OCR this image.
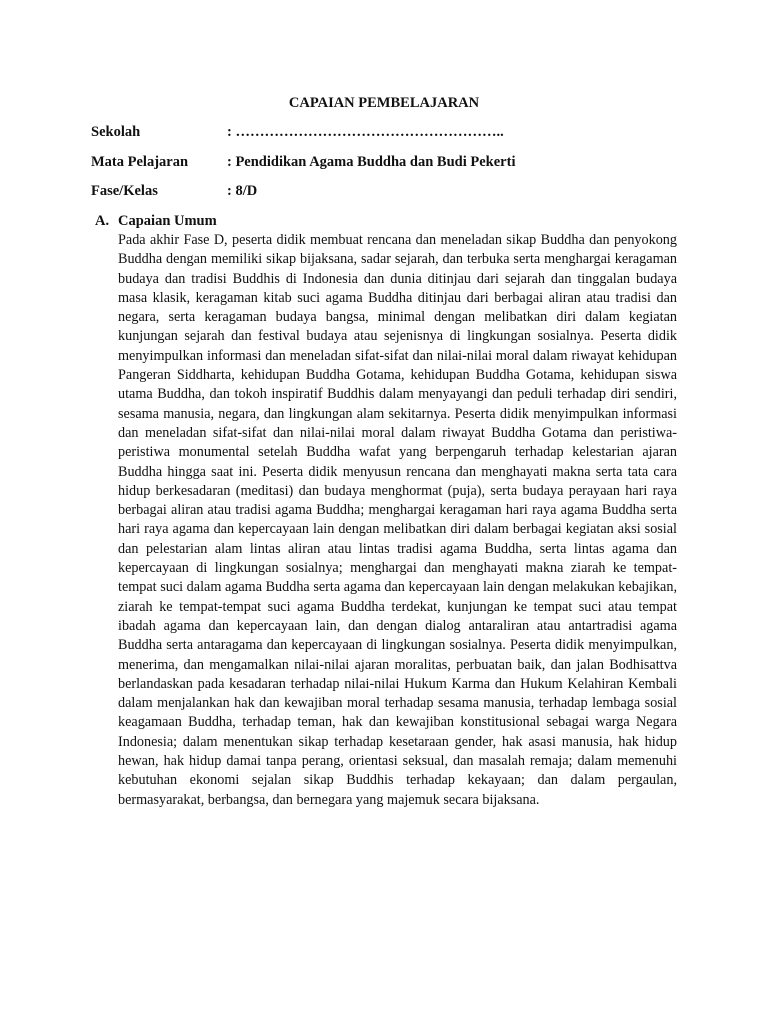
CAPAIAN PEMBELAJARAN
Sekolah	: ………………………………………………..
Mata Pelajaran	: Pendidikan Agama Buddha dan Budi Pekerti
Fase/Kelas	: 8/D
A. Capaian Umum

Pada akhir Fase D, peserta didik membuat rencana dan meneladan sikap Buddha dan penyokong Buddha dengan memiliki sikap bijaksana, sadar sejarah, dan terbuka serta menghargai keragaman budaya dan tradisi Buddhis di Indonesia dan dunia ditinjau dari sejarah dan tinggalan budaya masa klasik, keragaman kitab suci agama Buddha ditinjau dari berbagai aliran atau tradisi dan negara, serta keragaman budaya bangsa, minimal dengan melibatkan diri dalam kegiatan kunjungan sejarah dan festival budaya atau sejenisnya di lingkungan sosialnya. Peserta didik menyimpulkan informasi dan meneladan sifat-sifat dan nilai-nilai moral dalam riwayat kehidupan Pangeran Siddharta, kehidupan Buddha Gotama, kehidupan Buddha Gotama, kehidupan siswa utama Buddha, dan tokoh inspiratif Buddhis dalam menyayangi dan peduli terhadap diri sendiri, sesama manusia, negara, dan lingkungan alam sekitarnya. Peserta didik menyimpulkan informasi dan meneladan sifat-sifat dan nilai-nilai moral dalam riwayat Buddha Gotama dan peristiwa-peristiwa monumental setelah Buddha wafat yang berpengaruh terhadap kelestarian ajaran Buddha hingga saat ini. Peserta didik menyusun rencana dan menghayati makna serta tata cara hidup berkesadaran (meditasi) dan budaya menghormat (puja), serta budaya perayaan hari raya berbagai aliran atau tradisi agama Buddha; menghargai keragaman hari raya agama Buddha serta hari raya agama dan kepercayaan lain dengan melibatkan diri dalam berbagai kegiatan aksi sosial dan pelestarian alam lintas aliran atau lintas tradisi agama Buddha, serta lintas agama dan kepercayaan di lingkungan sosialnya; menghargai dan menghayati makna ziarah ke tempat-tempat suci dalam agama Buddha serta agama dan kepercayaan lain dengan melakukan kebajikan, ziarah ke tempat-tempat suci agama Buddha terdekat, kunjungan ke tempat suci atau tempat ibadah agama dan kepercayaan lain, dan dengan dialog antaraliran atau antartradisi agama Buddha serta antaragama dan kepercayaan di lingkungan sosialnya. Peserta didik menyimpulkan, menerima, dan mengamalkan nilai-nilai ajaran moralitas, perbuatan baik, dan jalan Bodhisattva berlandaskan pada kesadaran terhadap nilai-nilai Hukum Karma dan Hukum Kelahiran Kembali dalam menjalankan hak dan kewajiban moral terhadap sesama manusia, terhadap lembaga sosial keagamaan Buddha, terhadap teman, hak dan kewajiban konstitusional sebagai warga Negara Indonesia; dalam menentukan sikap terhadap kesetaraan gender, hak asasi manusia, hak hidup hewan, hak hidup damai tanpa perang, orientasi seksual, dan masalah remaja; dalam memenuhi kebutuhan ekonomi sejalan sikap Buddhis terhadap kekayaan; dan dalam pergaulan, bermasyarakat, berbangsa, dan bernegara yang majemuk secara bijaksana.
